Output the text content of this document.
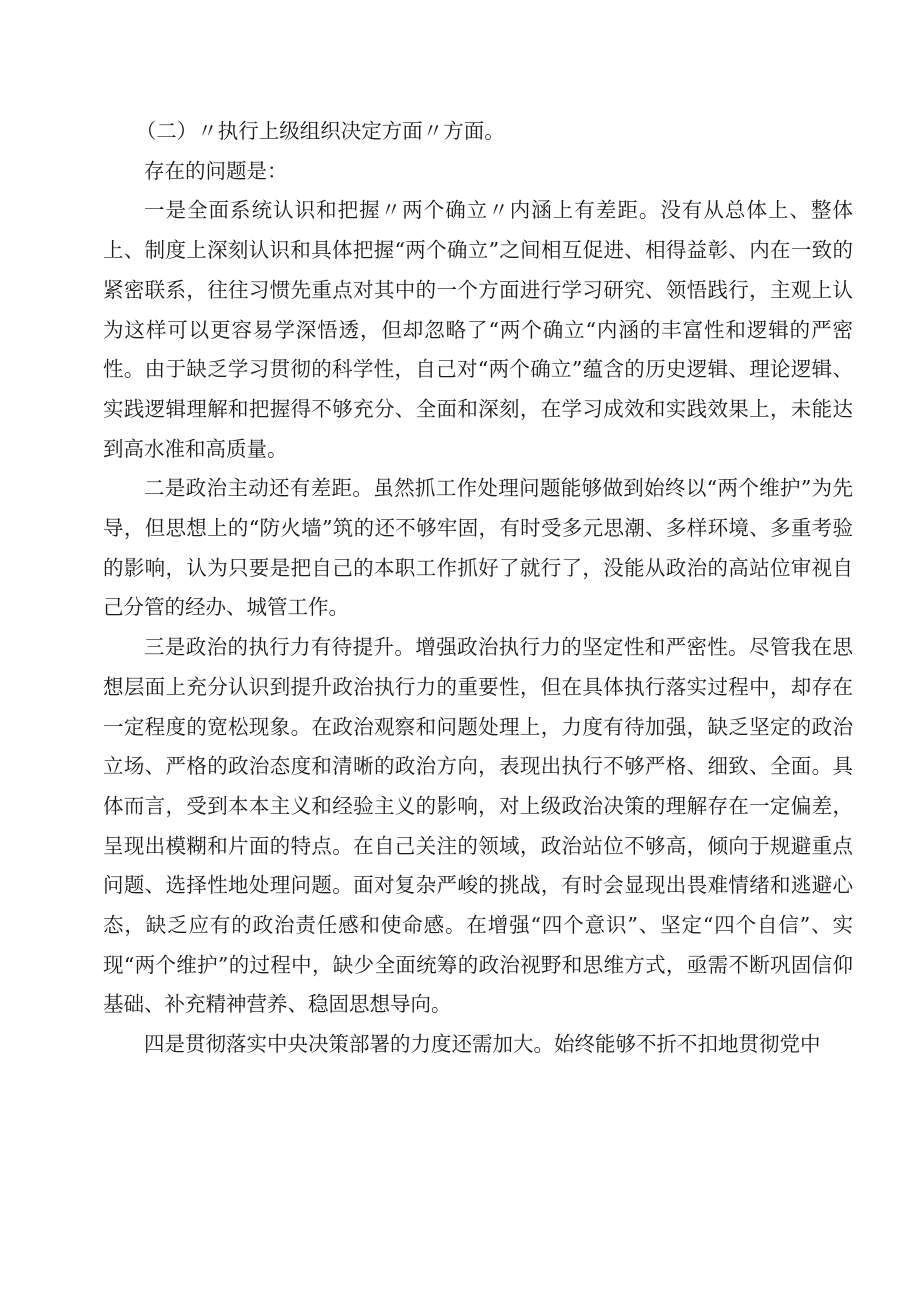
（二）〃执行上级组织决定方面〃方面。

存在的问题是：

一是全面系统认识和把握〃两个确立〃内涵上有差距。没有从总体上、整体上、制度上深刻认识和具体把握“两个确立”之间相互促进、相得益彰、内在一致的紧密联系，往往习惯先重点对其中的一个方面进行学习研究、领悟践行，主观上认为这样可以更容易学深悟透，但却忽略了“两个确立“内涵的丰富性和逻辑的严密性。由于缺乏学习贯彻的科学性，自己对“两个确立”蕴含的历史逻辑、理论逻辑、实践逻辑理解和把握得不够充分、全面和深刻，在学习成效和实践效果上，未能达到高水准和高质量。

二是政治主动还有差距。虽然抓工作处理问题能够做到始终以“两个维护”为先导，但思想上的“防火墙”筑的还不够牢固，有时受多元思潮、多样环境、多重考验的影响，认为只要是把自己的本职工作抓好了就行了，没能从政治的高站位审视自己分管的经办、城管工作。

三是政治的执行力有待提升。增强政治执行力的坚定性和严密性。尽管我在思想层面上充分认识到提升政治执行力的重要性，但在具体执行落实过程中，却存在一定程度的宽松现象。在政治观察和问题处理上，力度有待加强，缺乏坚定的政治立场、严格的政治态度和清晰的政治方向，表现出执行不够严格、细致、全面。具体而言，受到本本主义和经验主义的影响，对上级政治决策的理解存在一定偏差，呈现出模糊和片面的特点。在自己关注的领域，政治站位不够高，倾向于规避重点问题、选择性地处理问题。面对复杂严峻的挑战，有时会显现出畏难情绪和逃避心态，缺乏应有的政治责任感和使命感。在增强“四个意识”、坚定“四个自信”、实现“两个维护”的过程中，缺少全面统筹的政治视野和思维方式，亟需不断巩固信仰基础、补充精神营养、稳固思想导向。

四是贯彻落实中央决策部署的力度还需加大。始终能够不折不扣地贯彻党中
